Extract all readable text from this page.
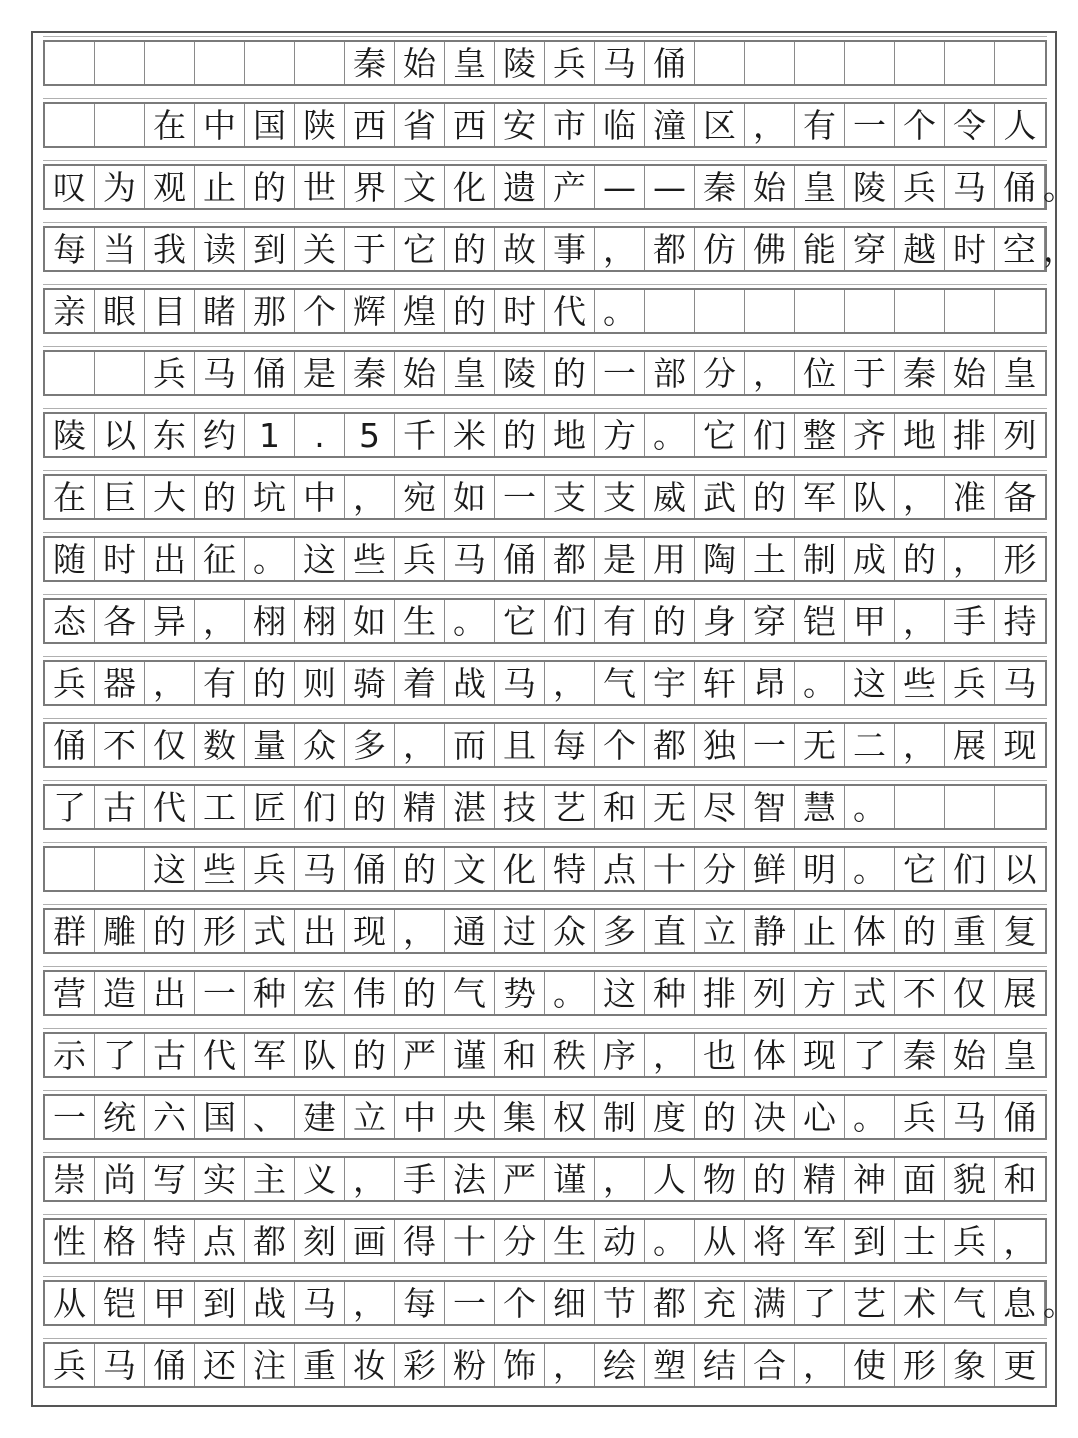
秦 始 皇 陵 兵 马 俑
在 中 国 陕 西 省 西 安 市 临 潼 区 ， 有 一 个 令 人
叹 为 观 止 的 世 界 文 化 遗 产 — — 秦 始 皇 陵 兵 马 俑 。
每 当 我 读 到 关 于 它 的 故 事 ， 都 仿 佛 能 穿 越 时 空 ，
亲 眼 目 睹 那 个 辉 煌 的 时 代 。
兵 马 俑 是 秦 始 皇 陵 的 一 部 分 ， 位 于 秦 始 皇
陵 以 东 约 1	.	5 千 米 的 地 方 。 它 们 整 齐 地 排 列
在 巨 大 的 坑 中 ， 宛 如 一 支 支 威 武 的 军 队 ， 准 备
随 时 出 征 。 这 些 兵 马 俑 都 是 用 陶 土 制 成 的 ， 形
态 各 异 ， 栩 栩 如 生 。 它 们 有 的 身 穿 铠 甲 ， 手 持
兵 器 ， 有 的 则 骑 着 战 马 ， 气 宇 轩 昂 。 这 些 兵 马
俑 不 仅 数 量 众 多 ， 而 且 每 个 都 独 一 无 二 ， 展 现
了 古 代 工 匠 们 的 精 湛 技 艺 和 无 尽 智 慧 。
这 些 兵 马 俑 的 文 化 特 点 十 分 鲜 明 。 它 们 以
群 雕 的 形 式 出 现 ， 通 过 众 多 直 立 静 止 体 的 重 复
营 造 出 一 种 宏 伟 的 气 势 。 这 种 排 列 方 式 不 仅 展
示 了 古 代 军 队 的 严 谨 和 秩 序 ， 也 体 现 了 秦 始 皇
一 统 六 国 、 建 立 中 央 集 权 制 度 的 决 心 。 兵 马 俑
崇 尚 写 实 主 义 ， 手 法 严 谨 ， 人 物 的 精 神 面 貌 和
性 格 特 点 都 刻 画 得 十 分 生 动 。 从 将 军 到 士 兵 ，
从 铠 甲 到 战 马 ， 每 一 个 细 节 都 充 满 了 艺 术 气 息 。
兵 马 俑 还 注 重 妆 彩 粉 饰 ， 绘 塑 结 合 ， 使 形 象 更
